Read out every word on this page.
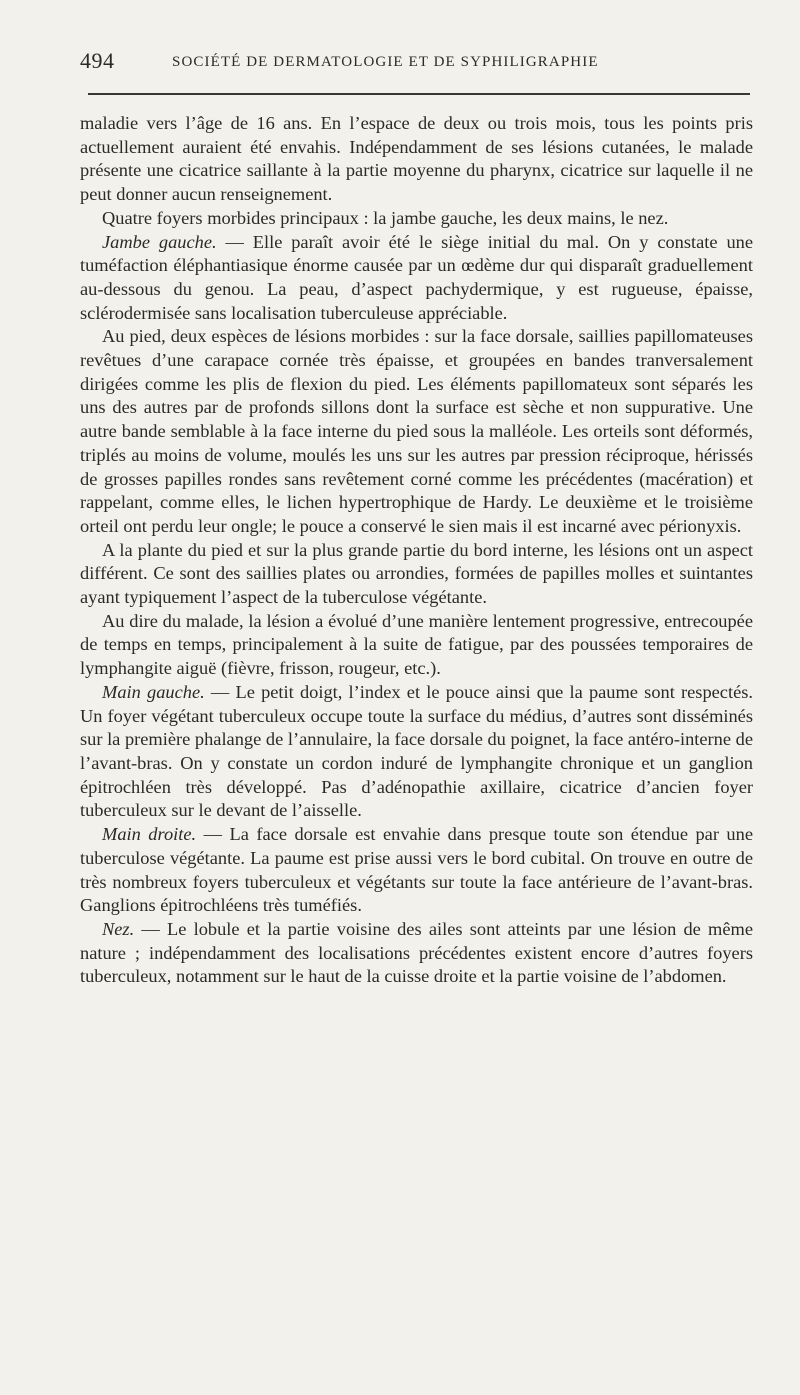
494	SOCIÉTÉ DE DERMATOLOGIE ET DE SYPHILIGRAPHIE

maladie vers l’âge de 16 ans. En l’espace de deux ou trois mois, tous les points pris actuellement auraient été envahis. Indépendamment de ses lésions cutanées, le malade présente une cicatrice saillante à la partie moyenne du pharynx, cicatrice sur laquelle il ne peut donner aucun renseignement.

Quatre foyers morbides principaux : la jambe gauche, les deux mains, le nez.

Jambe gauche. — Elle paraît avoir été le siège initial du mal. On y constate une tuméfaction éléphantiasique énorme causée par un œdème dur qui disparaît graduellement au-dessous du genou. La peau, d’aspect pachydermique, y est rugueuse, épaisse, sclérodermisée sans localisation tuberculeuse appréciable.

Au pied, deux espèces de lésions morbides : sur la face dorsale, saillies papillomateuses revêtues d’une carapace cornée très épaisse, et groupées en bandes tranversalement dirigées comme les plis de flexion du pied. Les éléments papillomateux sont séparés les uns des autres par de profonds sillons dont la surface est sèche et non suppurative. Une autre bande semblable à la face interne du pied sous la malléole. Les orteils sont déformés, triplés au moins de volume, moulés les uns sur les autres par pression réciproque, hérissés de grosses papilles rondes sans revêtement corné comme les précédentes (macération) et rappelant, comme elles, le lichen hypertrophique de Hardy. Le deuxième et le troisième orteil ont perdu leur ongle; le pouce a conservé le sien mais il est incarné avec périonyxis.

A la plante du pied et sur la plus grande partie du bord interne, les lésions ont un aspect différent. Ce sont des saillies plates ou arrondies, formées de papilles molles et suintantes ayant typiquement l’aspect de la tuberculose végétante.

Au dire du malade, la lésion a évolué d’une manière lentement progressive, entrecoupée de temps en temps, principalement à la suite de fatigue, par des poussées temporaires de lymphangite aiguë (fièvre, frisson, rougeur, etc.).

Main gauche. — Le petit doigt, l’index et le pouce ainsi que la paume sont respectés. Un foyer végétant tuberculeux occupe toute la surface du médius, d’autres sont disséminés sur la première phalange de l’annulaire, la face dorsale du poignet, la face antéro-interne de l’avant-bras. On y constate un cordon induré de lymphangite chronique et un ganglion épitrochléen très développé. Pas d’adénopathie axillaire, cicatrice d’ancien foyer tuberculeux sur le devant de l’aisselle.

Main droite. — La face dorsale est envahie dans presque toute son étendue par une tuberculose végétante. La paume est prise aussi vers le bord cubital. On trouve en outre de très nombreux foyers tuberculeux et végétants sur toute la face antérieure de l’avant-bras. Ganglions épitrochléens très tuméfiés.

Nez. — Le lobule et la partie voisine des ailes sont atteints par une lésion de même nature ; indépendamment des localisations précédentes existent encore d’autres foyers tuberculeux, notamment sur le haut de la cuisse droite et la partie voisine de l’abdomen.
